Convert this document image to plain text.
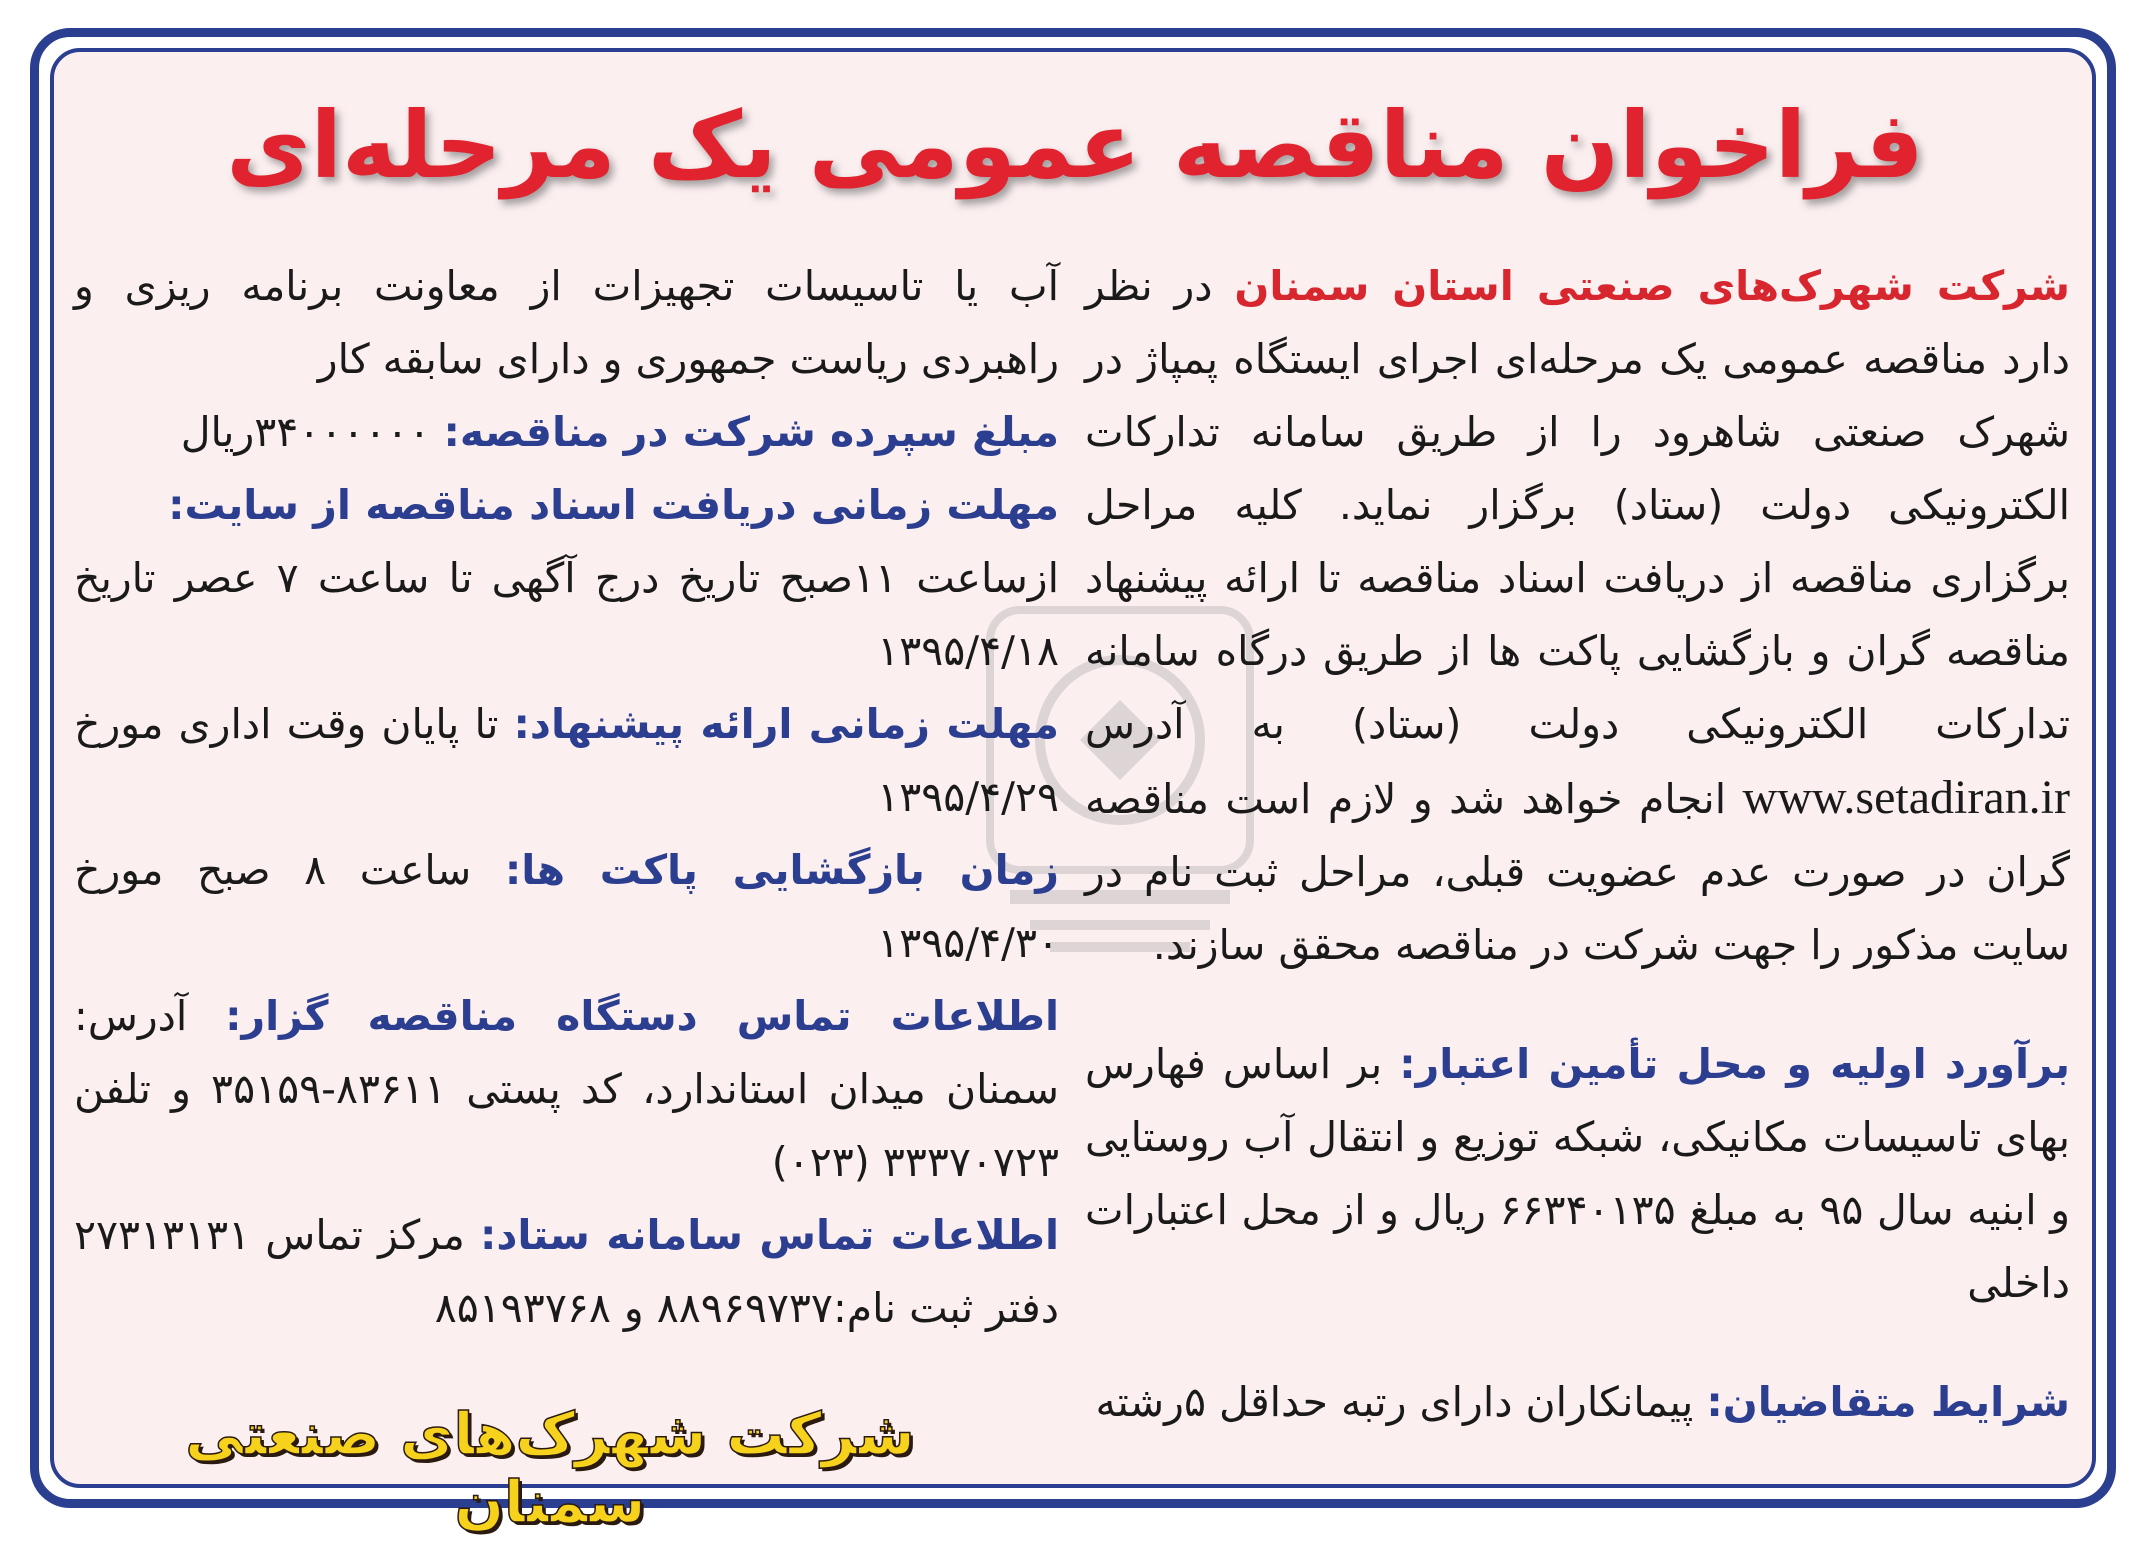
فراخوان مناقصه عمومی یک مرحله‌ای

شرکت شهرک‌های صنعتی استان سمنان در نظر دارد مناقصه عمومی یک مرحله‌ای اجرای ایستگاه پمپاژ در شهرک صنعتی شاهرود را از طریق سامانه تدارکات الکترونیکی دولت (ستاد) برگزار نماید. کلیه مراحل برگزاری مناقصه از دریافت اسناد مناقصه تا ارائه پیشنهاد مناقصه گران و بازگشایی پاکت ها از طریق درگاه سامانه تدارکات الکترونیکی دولت (ستاد) به آدرس www.setadiran.ir انجام خواهد شد و لازم است مناقصه گران در صورت عدم عضویت قبلی، مراحل ثبت نام در سایت مذکور را جهت شرکت در مناقصه محقق سازند.

برآورد اولیه و محل تأمین اعتبار: بر اساس فهارس بهای تاسیسات مکانیکی، شبکه توزیع و انتقال آب روستایی و ابنیه سال ۹۵ به مبلغ ۶۶۳۴۰۱۳۵ ریال و از محل اعتبارات داخلی

شرایط متقاضیان: پیمانکاران دارای رتبه حداقل ۵رشته

آب یا تاسیسات تجهیزات از معاونت برنامه ریزی و راهبردی ریاست جمهوری و دارای سابقه کار

مبلغ سپرده شرکت در مناقصه: ۳۴۰۰۰۰۰۰ریال

مهلت زمانی دریافت اسناد مناقصه از سایت:
ازساعت ۱۱صبح تاریخ درج آگهی تا ساعت ۷ عصر تاریخ ۱۳۹۵/۴/۱۸

مهلت زمانی ارائه پیشنهاد: تا پایان وقت اداری مورخ ۱۳۹۵/۴/۲۹

زمان بازگشایی پاکت ها: ساعت ۸ صبح مورخ ۱۳۹۵/۴/۳۰

اطلاعات تماس دستگاه مناقصه گزار: آدرس: سمنان میدان استاندارد، کد پستی ۸۳۶۱۱-۳۵۱۵۹ و تلفن ۳۳۳۷۰۷۲۳ (۰۲۳)

اطلاعات تماس سامانه ستاد: مرکز تماس ۲۷۳۱۳۱۳۱ دفتر ثبت نام:۸۸۹۶۹۷۳۷ و ۸۵۱۹۳۷۶۸

شرکت شهرک‌های صنعتی سمنان
